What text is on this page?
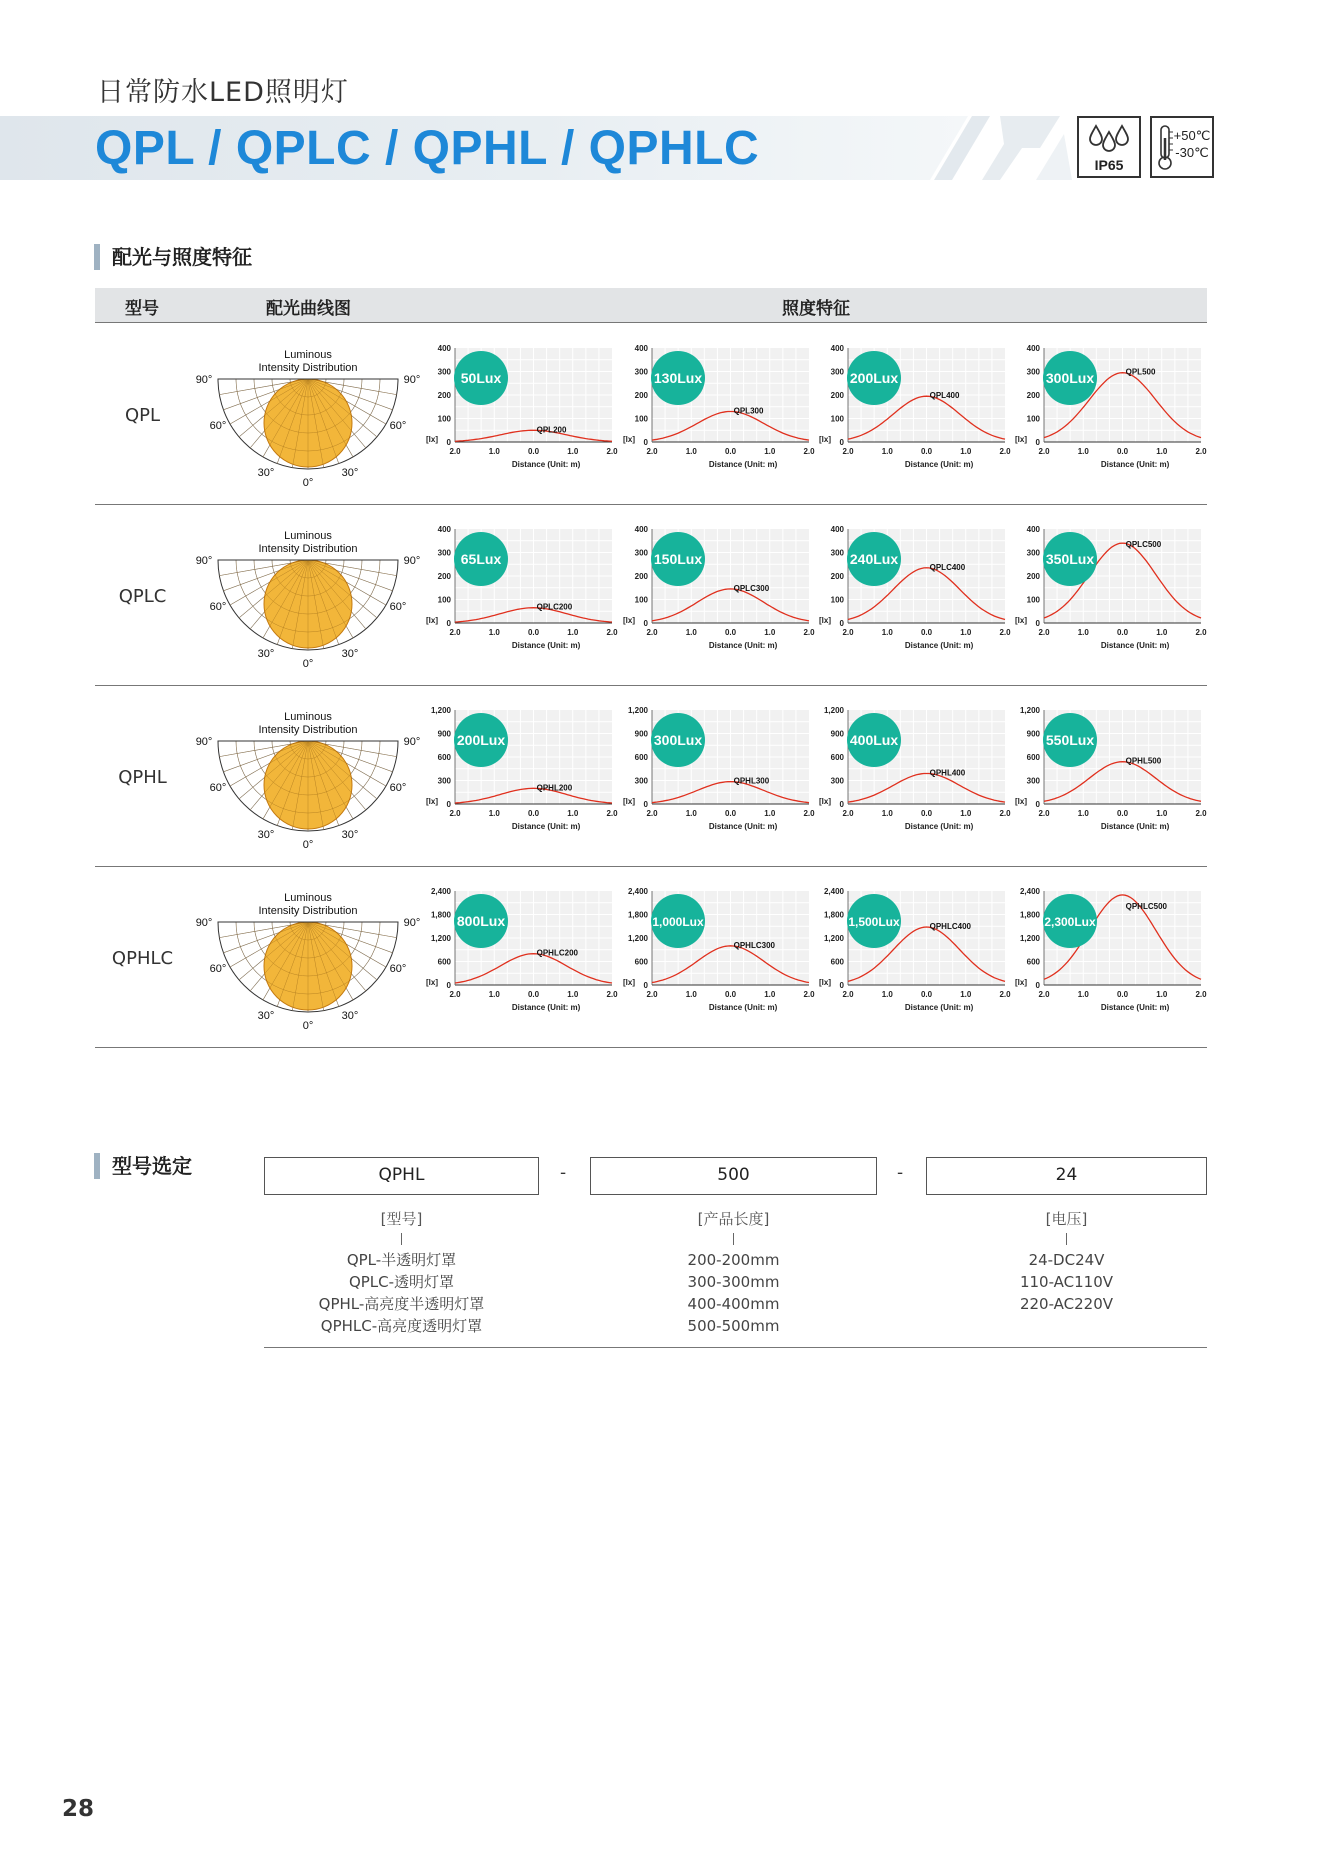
日常防水LED照明灯
QPL / QPLC / QPHL / QPHLC	IP65
+50℃
-30℃
配光与照度特征
型号	配光曲线图	照度特征
QPL
Luminous
Intensity Distribution
90°	90°
60°	60°
30°	30°
0°
100
200
300
400
0
[lx]
2.0	1.0	0.0	1.0	2.0
Distance (Unit: m)
QPL200
50Lux
100
200
300
400
0
[lx]
2.0	1.0	0.0	1.0	2.0
Distance (Unit: m)
QPL300
130Lux
100
200
300
400
0
[lx]
2.0	1.0	0.0	1.0	2.0
Distance (Unit: m)
QPL400
200Lux
100
200
300
400
0
[lx]
2.0	1.0	0.0	1.0	2.0
Distance (Unit: m)
QPL500
300Lux
QPLC
Luminous
Intensity Distribution
90°	90°
60°	60°
30°	30°
0°
100
200
300
400
0
[lx]
2.0	1.0	0.0	1.0	2.0
Distance (Unit: m)
QPLC200
65Lux
100
200
300
400
0
[lx]
2.0	1.0	0.0	1.0	2.0
Distance (Unit: m)
QPLC300
150Lux
100
200
300
400
0
[lx]
2.0	1.0	0.0	1.0	2.0
Distance (Unit: m)
QPLC400
240Lux
100
200
300
400
0
[lx]
2.0	1.0	0.0	1.0	2.0
Distance (Unit: m)
QPLC500
350Lux
QPHL
Luminous
Intensity Distribution
90°	90°
60°	60°
30°	30°
0°
300
600
900
1,200
0
[lx]
2.0	1.0	0.0	1.0	2.0
Distance (Unit: m)
QPHL200
200Lux
300
600
900
1,200
0
[lx]
2.0	1.0	0.0	1.0	2.0
Distance (Unit: m)
QPHL300
300Lux
300
600
900
1,200
0
[lx]
2.0	1.0	0.0	1.0	2.0
Distance (Unit: m)
QPHL400
400Lux
300
600
900
1,200
0
[lx]
2.0	1.0	0.0	1.0	2.0
Distance (Unit: m)
QPHL500
550Lux
QPHLC
Luminous
Intensity Distribution
90°	90°
60°	60°
30°	30°
0°
600
1,200
1,800
2,400
0
[lx]
2.0	1.0	0.0	1.0	2.0
Distance (Unit: m)
QPHLC200
800Lux
600
1,200
1,800
2,400
0
[lx]
2.0	1.0	0.0	1.0	2.0
Distance (Unit: m)
QPHLC300
1,000Lux
600
1,200
1,800
2,400
0
[lx]
2.0	1.0	0.0	1.0	2.0
Distance (Unit: m)
QPHLC400
1,500Lux
600
1,200
1,800
2,400
0
[lx]
2.0	1.0	0.0	1.0	2.0
Distance (Unit: m)
QPHLC500
2,300Lux
型号选定	QPHL	-	500	-	24
[型号]
QPL-半透明灯罩
QPLC-透明灯罩
QPHL-高亮度半透明灯罩
QPHLC-高亮度透明灯罩
[产品长度]
200-200mm
300-300mm
400-400mm
500-500mm
[电压]
24-DC24V
110-AC110V
220-AC220V
28
